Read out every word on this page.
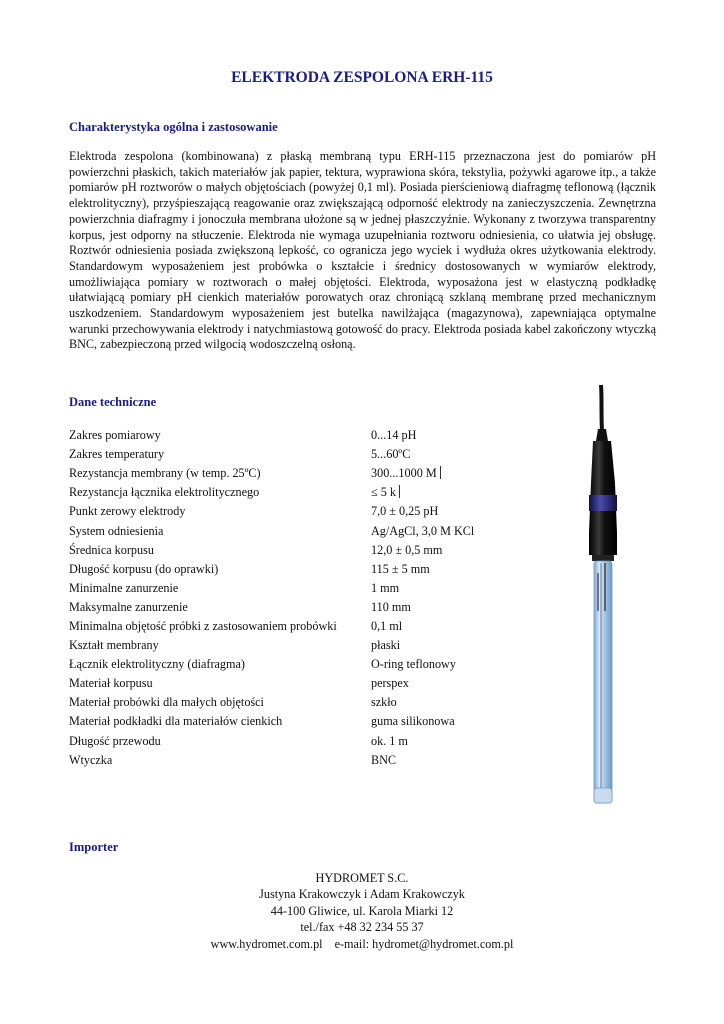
ELEKTRODA ZESPOLONA ERH-115
Charakterystyka ogólna i zastosowanie

Elektroda zespolona (kombinowana) z płaską membraną typu ERH-115 przeznaczona jest do pomiarów pH powierzchni płaskich, takich materiałów jak papier, tektura, wyprawiona skóra, tekstylia, pożywki agarowe itp., a także pomiarów pH roztworów o małych objętościach (powyżej 0,1 ml). Posiada pierścieniową diafragmę teflonową (łącznik elektrolityczny), przyśpieszającą reagowanie oraz zwiększającą odporność elektrody na zanieczyszczenia. Zewnętrzna powierzchnia diafragmy i jonoczuła membrana ułożone są w jednej płaszczyźnie. Wykonany z tworzywa transparentny korpus, jest odporny na stłuczenie. Elektroda nie wymaga uzupełniania roztworu odniesienia, co ułatwia jej obsługę. Roztwór odniesienia posiada zwiększoną lepkość, co ogranicza jego wyciek i wydłuża okres użytkowania elektrody. Standardowym wyposażeniem jest probówka o kształcie i średnicy dostosowanych w wymiarów elektrody, umożliwiająca pomiary w roztworach o małej objętości. Elektroda, wyposażona jest w elastyczną podkładkę ułatwiającą pomiary pH cienkich materiałów porowatych oraz chroniącą szklaną membranę przed mechanicznym uszkodzeniem. Standardowym wyposażeniem jest butelka nawilżająca (magazynowa), zapewniająca optymalne warunki przechowywania elektrody i natychmiastową gotowość do pracy. Elektroda posiada kabel zakończony wtyczką BNC, zabezpieczoną przed wilgocią wodoszczelną osłoną.

Dane techniczne
Zakres pomiarowy	0...14 pH
Zakres temperatury	5...60ºC
Rezystancja membrany (w temp. 25ºC)	300...1000 M
Rezystancja łącznika elektrolitycznego	≤ 5 k
Punkt zerowy elektrody	7,0 ± 0,25 pH
System odniesienia	Ag/AgCl, 3,0 M KCl
Średnica korpusu	12,0 ± 0,5 mm
Długość korpusu (do oprawki)	115 ± 5 mm
Minimalne zanurzenie	1 mm
Maksymalne zanurzenie	110 mm
Minimalna objętość próbki z zastosowaniem probówki	0,1 ml
Kształt membrany	płaski
Łącznik elektrolityczny (diafragma)	O-ring teflonowy
Materiał korpusu	perspex
Materiał probówki dla małych objętości	szkło
Materiał podkładki dla materiałów cienkich	guma silikonowa
Długość przewodu	ok. 1 m
Wtyczka	BNC
Importer
HYDROMET S.C.
Justyna Krakowczyk i Adam Krakowczyk
44-100 Gliwice, ul. Karola Miarki 12
tel./fax +48 32 234 55 37
www.hydromet.com.pl e-mail: hydromet@hydromet.com.pl
